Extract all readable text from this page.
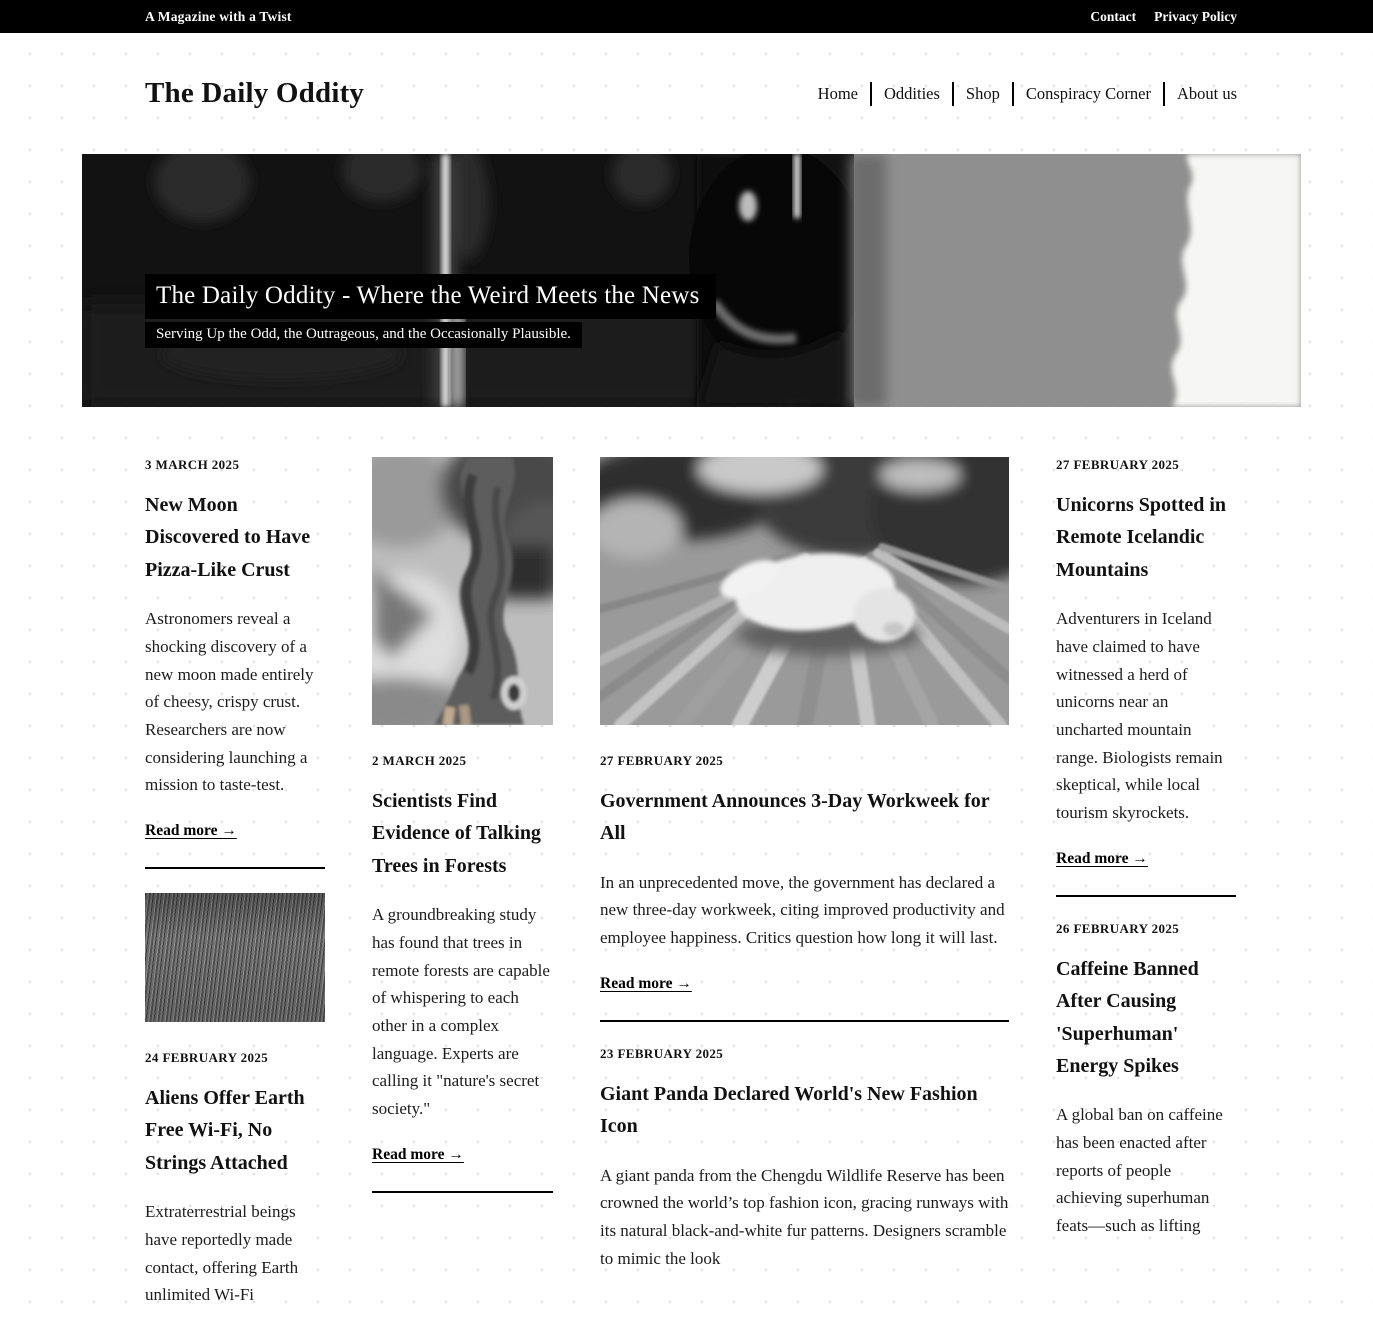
A Magazine with a Twist	Contact Privacy Policy
The Daily Oddity	Home Oddities Shop Conspiracy Corner About us
The Daily Oddity - Where the Weird Meets the News

Serving Up the Odd, the Outrageous, and the Occasionally Plausible.

3 MARCH 2025

New Moon Discovered to Have Pizza-Like Crust

Astronomers reveal a shocking discovery of a new moon made entirely of cheesy, crispy crust. Researchers are now considering launching a mission to taste-test.

Read more →

24 FEBRUARY 2025

Aliens Offer Earth Free Wi-Fi, No Strings Attached

Extraterrestrial beings have reportedly made contact, offering Earth unlimited Wi-Fi

2 MARCH 2025

Scientists Find Evidence of Talking Trees in Forests

A groundbreaking study has found that trees in remote forests are capable of whispering to each other in a complex language. Experts are calling it "nature's secret society."

Read more →

27 FEBRUARY 2025

Government Announces 3-Day Workweek for All

In an unprecedented move, the government has declared a new three-day workweek, citing improved productivity and employee happiness. Critics question how long it will last.

Read more →

23 FEBRUARY 2025

Giant Panda Declared World's New Fashion Icon

A giant panda from the Chengdu Wildlife Reserve has been crowned the world’s top fashion icon, gracing runways with its natural black-and-white fur patterns. Designers scramble to mimic the look

27 FEBRUARY 2025

Unicorns Spotted in Remote Icelandic Mountains

Adventurers in Iceland have claimed to have witnessed a herd of unicorns near an uncharted mountain range. Biologists remain skeptical, while local tourism skyrockets.

Read more →

26 FEBRUARY 2025

Caffeine Banned After Causing 'Superhuman' Energy Spikes

A global ban on caffeine has been enacted after reports of people achieving superhuman feats—such as lifting
